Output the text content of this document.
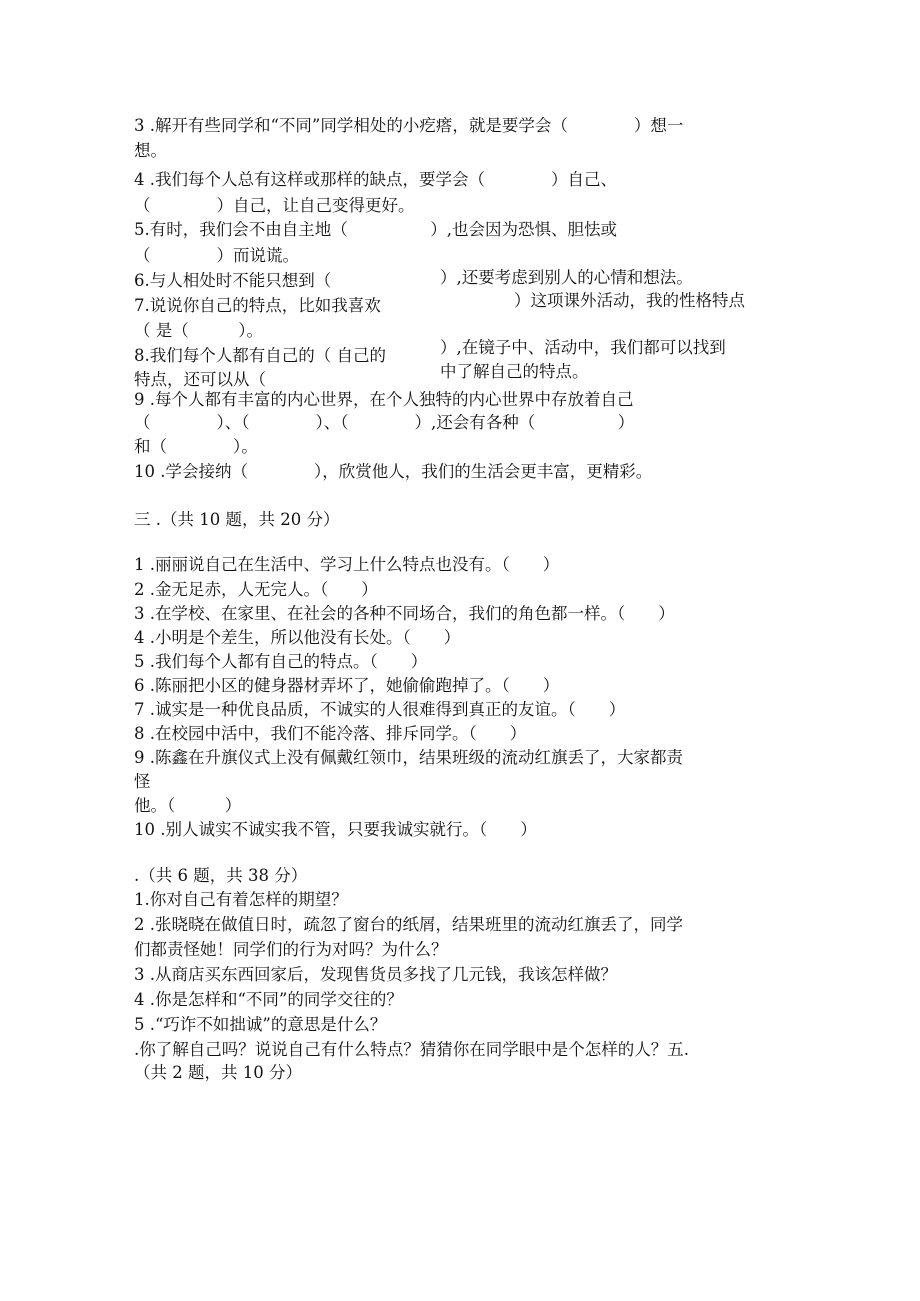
3 .解开有些同学和“不同”同学相处的小疙瘩，就是要学会（　　　　）想一
想。
4 .我们每个人总有这样或那样的缺点，要学会（　　　　）自己、
（　　　　）自己，让自己变得更好。
5.有时，我们会不由自主地（　　　　　）,也会因为恐惧、胆怯或
（　　　　）而说谎。
6.与人相处时不能只想到（	）,还要考虑到别人的心情和想法。
7.说说你自己的特点，比如我喜欢	）这项课外活动，我的性格特点
（ 是（　　　）。
8.我们每个人都有自己的（ 自己的	）,在镜子中、活动中，我们都可以找到
特点，还可以从（	中了解自己的特点。
9 .每个人都有丰富的内心世界，在个人独特的内心世界中存放着自己
（　　　　）、（　　　　）、（　　　　）,还会有各种（　　　　　）
和（　　　　）。
10 .学会接纳（　　　　），欣赏他人，我们的生活会更丰富，更精彩。
三 .（共 10 题，共 20 分）
1 .丽丽说自己在生活中、学习上什么特点也没有。（　　）
2 .金无足赤，人无完人。（　　）
3 .在学校、在家里、在社会的各种不同场合，我们的角色都一样。（　　）
4 .小明是个差生，所以他没有长处。（　　）
5 .我们每个人都有自己的特点。（　　）
6 .陈丽把小区的健身器材弄坏了，她偷偷跑掉了。（　　）
7 .诚实是一种优良品质，不诚实的人很难得到真正的友谊。（　　）
8 .在校园中活中，我们不能冷落、排斥同学。（　　）
9 .陈鑫在升旗仪式上没有佩戴红领巾，结果班级的流动红旗丢了，大家都责
怪
他。（　　　）
10 .别人诚实不诚实我不管，只要我诚实就行。（　　）
.（共 6 题，共 38 分）
1.你对自己有着怎样的期望？
2 .张晓晓在做值日时，疏忽了窗台的纸屑，结果班里的流动红旗丢了，同学
们都责怪她！同学们的行为对吗？为什么？
3 .从商店买东西回家后，发现售货员多找了几元钱，我该怎样做？
4 .你是怎样和“不同”的同学交往的？
5 .“巧诈不如拙诚”的意思是什么？
.你了解自己吗？说说自己有什么特点？猜猜你在同学眼中是个怎样的人？五.
（共 2 题，共 10 分）
